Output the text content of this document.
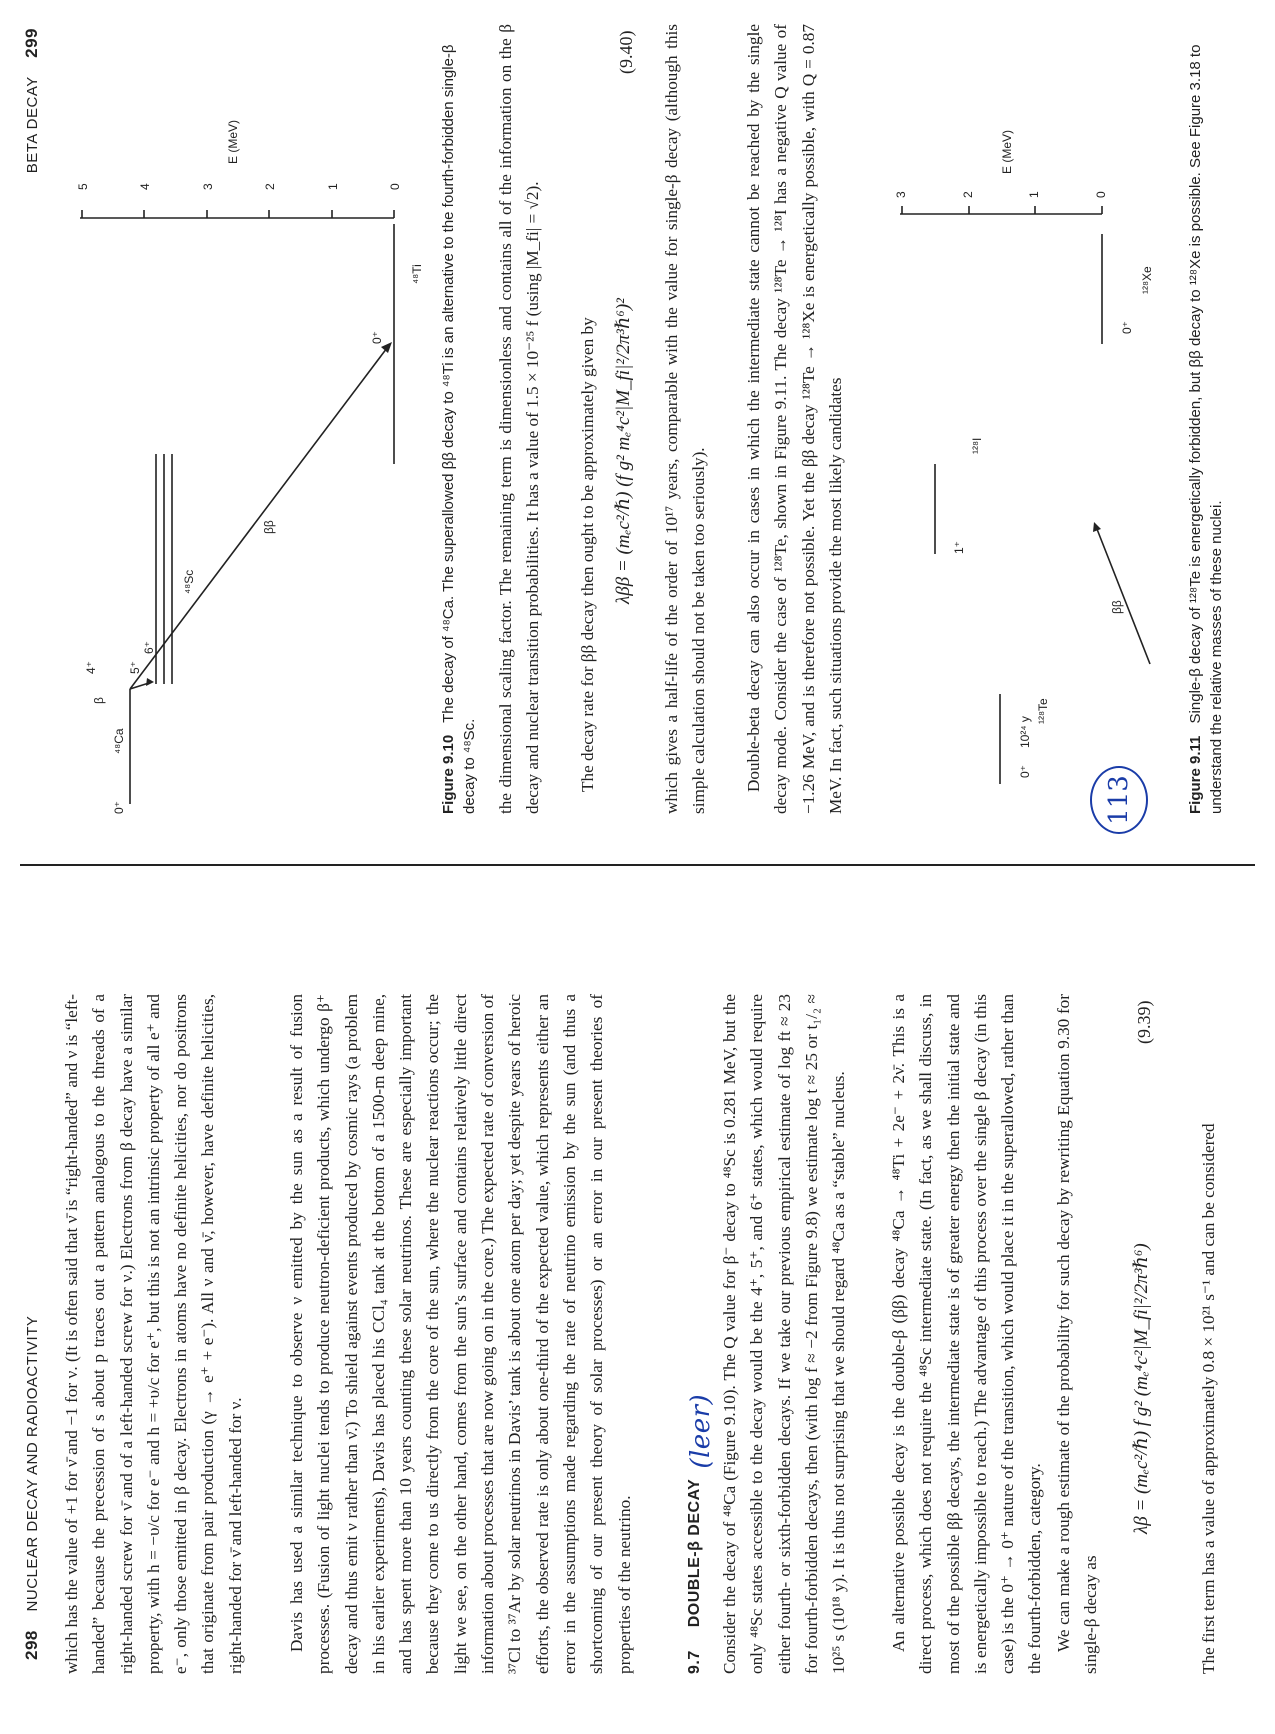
298 NUCLEAR DECAY AND RADIOACTIVITY which has the value of +1 for ν̄ and −1 for ν. (It is often said that ν̄ is “right-handed” and ν is “left-handed” because the precession of s about p traces out a pattern analogous to the threads of a right-handed screw for ν̄ and of a left-handed screw for ν.) Electrons from β decay have a similar property, with h = −υ/c for e⁻ and h = +υ/c for e⁺, but this is not an intrinsic property of all e⁺ and e⁻, only those emitted in β decay. Electrons in atoms have no definite helicities, nor do positrons that originate from pair production (γ → e⁺ + e⁻). All ν and ν̄, however, have definite helicities, right-handed for ν̄ and left-handed for ν. Davis has used a similar technique to observe ν emitted by the sun as a result of fusion processes. (Fusion of light nuclei tends to produce neutron-deficient products, which undergo β⁺ decay and thus emit ν rather than ν̄.) To shield against events produced by cosmic rays (a problem in his earlier experiments), Davis has placed his CCl₄ tank at the bottom of a 1500-m deep mine, and has spent more than 10 years counting these solar neutrinos. These are especially important because they come to us directly from the core of the sun, where the nuclear reactions occur; the light we see, on the other hand, comes from the sun’s surface and contains relatively little direct information about processes that are now going on in the core.) The expected rate of conversion of ³⁷Cl to ³⁷Ar by solar neutrinos in Davis’ tank is about one atom per day; yet despite years of heroic efforts, the observed rate is only about one-third of the expected value, which represents either an error in the assumptions made regarding the rate of neutrino emission by the sun (and thus a shortcoming of our present theory of solar processes) or an error in our present theories of properties of the neutrino.	9.7 DOUBLE-β DECAY
(leer) Consider the decay of ⁴⁸Ca (Figure 9.10). The Q value for β⁻ decay to ⁴⁸Sc is 0.281 MeV, but the only ⁴⁸Sc states accessible to the decay would be the 4⁺, 5⁺, and 6⁺ states, which would require either fourth- or sixth-forbidden decays. If we take our previous empirical estimate of log ft ≈ 23 for fourth-forbidden decays, then (with log f ≈ −2 from Figure 9.8) we estimate log t ≈ 25 or t₁/₂ ≈ 10²⁵ s (10¹⁸ y). It is thus not surprising that we should regard ⁴⁸Ca as a “stable” nucleus. An alternative possible decay is the double-β (ββ) decay ⁴⁸Ca → ⁴⁸Ti + 2e⁻ + 2ν̄. This is a direct process, which does not require the ⁴⁸Sc intermediate state. (In fact, as we shall discuss, in most of the possible ββ decays, the intermediate state is of greater energy then the initial state and is energetically impossible to reach.) The advantage of this process over the single β decay (in this case) is the 0⁺ → 0⁺ nature of the transition, which would place it in the superallowed, rather than the fourth-forbidden, category. We can make a rough estimate of the probability for such decay by rewriting Equation 9.30 for single-β decay as

λβ = (mₑc²/ℏ) f g² (mₑ⁴c²|M_fi|²/2π³ℏ⁶)
(9.39)

The first term has a value of approximately 0.8 × 10²¹ s⁻¹ and can be considered

BETA DECAY 299
113
0⁺
⁴⁸Ca
4⁺	5⁺
6⁺
β
⁴⁸Sc
ββ
0⁺
⁴⁸Ti
5	4	3	2	1	0
E (MeV)
Figure 9.10 The decay of ⁴⁸Ca. The superallowed ββ decay to ⁴⁸Ti is an alternative to the fourth-forbidden single-β decay to ⁴⁸Sc. the dimensional scaling factor. The remaining term is dimensionless and contains all of the information on the β decay and nuclear transition probabilities. It has a value of 1.5 × 10⁻²⁵ f (using |M_fi| = √2). The decay rate for ββ decay then ought to be approximately given by λββ = (mₑc²/ℏ) (f g² mₑ⁴c²|M_fi|²/2π³ℏ⁶)²
(9.40) which gives a half-life of the order of 10¹⁷ years, comparable with the value for single-β decay (although this simple calculation should not be taken too seriously). Double-beta decay can also occur in cases in which the intermediate state cannot be reached by the single decay mode. Consider the case of ¹²⁸Te, shown in Figure 9.11. The decay ¹²⁸Te → ¹²⁸I has a negative Q value of −1.26 MeV, and is therefore not possible. Yet the ββ decay ¹²⁸Te → ¹²⁸Xe is energetically possible, with Q = 0.87 MeV. In fact, such situations provide the most likely candidates	0⁺
10²⁴ y
¹²⁸Te
1⁺
¹²⁸I
ββ
0⁺
¹²⁸Xe
3	2	1	0
E (MeV)
Figure 9.11 Single-β decay of ¹²⁸Te is energetically forbidden, but ββ decay to ¹²⁸Xe is possible. See Figure 3.18 to understand the relative masses of these nuclei.
